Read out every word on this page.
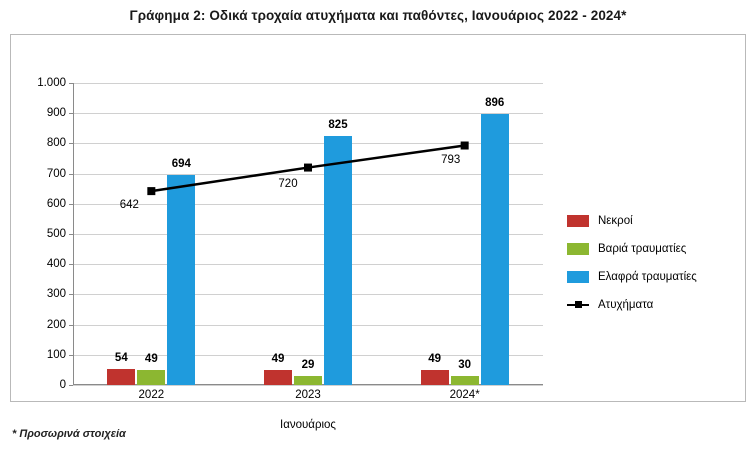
Γράφημα 2: Οδικά τροχαία ατυχήματα και παθόντες, Ιανουάριος 2022 - 2024*
0
100
200
300
400
500
600
700
800
900
1.000
54 49
694
49
29
825
49 30
896
642
720
793
2022	2023	2024*
Ιανουάριος
Νεκροί
Βαριά τραυματίες
Ελαφρά τραυματίες
Ατυχήματα
* Προσωρινά στοιχεία
